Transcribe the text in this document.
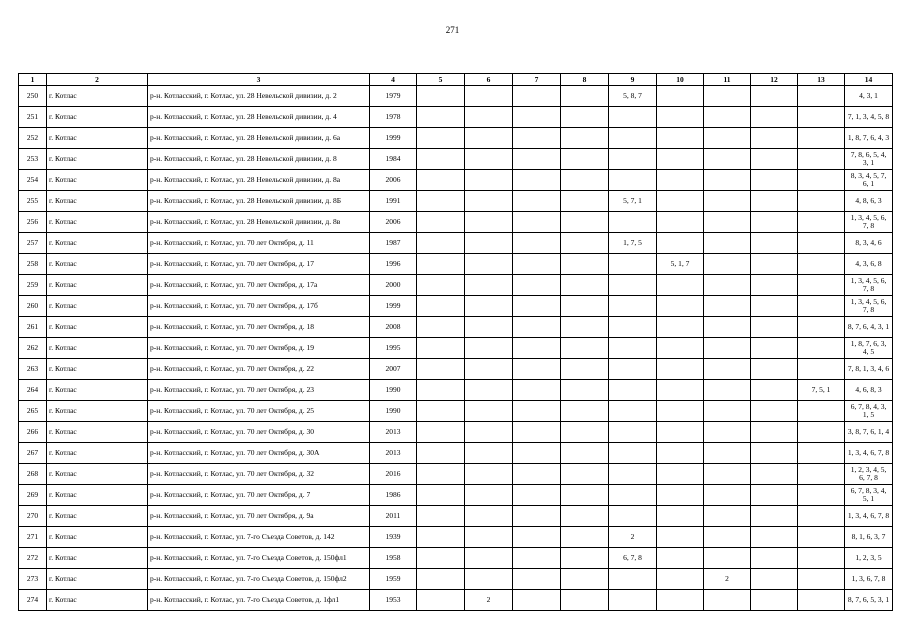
271
1	2	3	4	5	6	7	8	9	10	11	12	13	14
250	г. Котлас	р-н. Котласский, г. Котлас, ул. 28 Невельской дивизии, д. 2	1979					5, 8, 7					4, 3, 1
251	г. Котлас	р-н. Котласский, г. Котлас, ул. 28 Невельской дивизии, д. 4	1978										7, 1, 3, 4, 5, 8
252	г. Котлас	р-н. Котласский, г. Котлас, ул. 28 Невельской дивизии, д. 6а	1999										1, 8, 7, 6, 4, 3
253	г. Котлас	р-н. Котласский, г. Котлас, ул. 28 Невельской дивизии, д. 8	1984										7, 8, 6, 5, 4, 3, 1
254	г. Котлас	р-н. Котласский, г. Котлас, ул. 28 Невельской дивизии, д. 8а	2006										8, 3, 4, 5, 7, 6, 1
255	г. Котлас	р-н. Котласский, г. Котлас, ул. 28 Невельской дивизии, д. 8Б	1991					5, 7, 1					4, 8, 6, 3
256	г. Котлас	р-н. Котласский, г. Котлас, ул. 28 Невельской дивизии, д. 8в	2006										1, 3, 4, 5, 6, 7, 8
257	г. Котлас	р-н. Котласский, г. Котлас, ул. 70 лет Октября, д. 11	1987					1, 7, 5					8, 3, 4, 6
258	г. Котлас	р-н. Котласский, г. Котлас, ул. 70 лет Октября, д. 17	1996						5, 1, 7				4, 3, 6, 8
259	г. Котлас	р-н. Котласский, г. Котлас, ул. 70 лет Октября, д. 17а	2000										1, 3, 4, 5, 6, 7, 8
260	г. Котлас	р-н. Котласский, г. Котлас, ул. 70 лет Октября, д. 17б	1999										1, 3, 4, 5, 6, 7, 8
261	г. Котлас	р-н. Котласский, г. Котлас, ул. 70 лет Октября, д. 18	2008										8, 7, 6, 4, 3, 1
262	г. Котлас	р-н. Котласский, г. Котлас, ул. 70 лет Октября, д. 19	1995										1, 8, 7, 6, 3, 4, 5
263	г. Котлас	р-н. Котласский, г. Котлас, ул. 70 лет Октября, д. 22	2007										7, 8, 1, 3, 4, 6
264	г. Котлас	р-н. Котласский, г. Котлас, ул. 70 лет Октября, д. 23	1990									7, 5, 1	4, 6, 8, 3
265	г. Котлас	р-н. Котласский, г. Котлас, ул. 70 лет Октября, д. 25	1990										6, 7, 8, 4, 3, 1, 5
266	г. Котлас	р-н. Котласский, г. Котлас, ул. 70 лет Октября, д. 30	2013										3, 8, 7, 6, 1, 4
267	г. Котлас	р-н. Котласский, г. Котлас, ул. 70 лет Октября, д. 30А	2013										1, 3, 4, 6, 7, 8
268	г. Котлас	р-н. Котласский, г. Котлас, ул. 70 лет Октября, д. 32	2016										1, 2, 3, 4, 5, 6, 7, 8
269	г. Котлас	р-н. Котласский, г. Котлас, ул. 70 лет Октября, д. 7	1986										6, 7, 8, 3, 4, 5, 1
270	г. Котлас	р-н. Котласский, г. Котлас, ул. 70 лет Октября, д. 9а	2011										1, 3, 4, 6, 7, 8
271	г. Котлас	р-н. Котласский, г. Котлас, ул. 7-го Съезда Советов, д. 142	1939					2					8, 1, 6, 3, 7
272	г. Котлас	р-н. Котласский, г. Котлас, ул. 7-го Съезда Советов, д. 150фл1	1958					6, 7, 8					1, 2, 3, 5
273	г. Котлас	р-н. Котласский, г. Котлас, ул. 7-го Съезда Советов, д. 150фл2	1959							2			1, 3, 6, 7, 8
274	г. Котлас	р-н. Котласский, г. Котлас, ул. 7-го Съезда Советов, д. 1фл1	1953		2								8, 7, 6, 5, 3, 1
